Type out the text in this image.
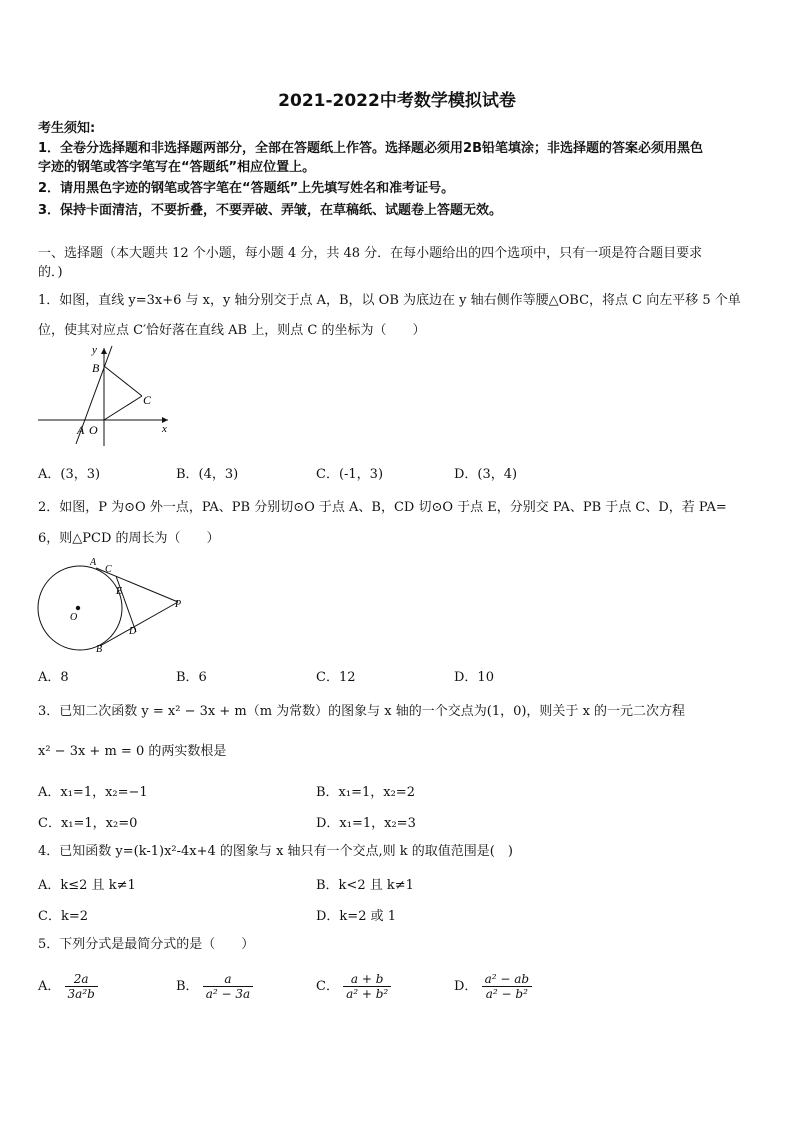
2021-2022中考数学模拟试卷
考生须知:
1．全卷分选择题和非选择题两部分，全部在答题纸上作答。选择题必须用2B铅笔填涂；非选择题的答案必须用黑色
字迹的钢笔或答字笔写在“答题纸”相应位置上。
2．请用黑色字迹的钢笔或答字笔在“答题纸”上先填写姓名和准考证号。
3．保持卡面清洁，不要折叠，不要弄破、弄皱，在草稿纸、试题卷上答题无效。
一、选择题（本大题共 12 个小题，每小题 4 分，共 48 分．在每小题给出的四个选项中，只有一项是符合题目要求
的．)
1．如图，直线 y=3x+6 与 x，y 轴分别交于点 A，B，以 OB 为底边在 y 轴右侧作等腰△OBC，将点 C 向左平移 5 个单
位，使其对应点 C′恰好落在直线 AB 上，则点 C 的坐标为（　　）
y
x
B
C
A O
A．(3，3)	B．(4，3)	C．(-1，3)	D．(3，4)
2．如图，P 为⊙O 外一点，PA、PB 分别切⊙O 于点 A、B，CD 切⊙O 于点 E，分别交 PA、PB 于点 C、D，若 PA=
6，则△PCD 的周长为（　　）
A
C
E
O
P
D
B
A．8	B．6	C．12	D．10
3．已知二次函数 y = x² − 3x + m（m 为常数）的图象与 x 轴的一个交点为(1，0)，则关于 x 的一元二次方程
x² − 3x + m = 0 的两实数根是
A．x₁=1，x₂=−1	B．x₁=1，x₂=2
C．x₁=1，x₂=0	D．x₁=1，x₂=3
4．已知函数 y=(k-1)x²-4x+4 的图象与 x 轴只有一个交点,则 k 的取值范围是(　)
A．k≤2 且 k≠1	B．k<2 且 k≠1
C．k=2	D．k=2 或 1
5．下列分式是最简分式的是（　　）
A． $\frac{2a}{\text{3a²b}}$	B． $\frac{a}{\text{a² − 3a}}$	C． $\frac{a + b}{\text{a² + b²}}$	D． $\frac{\text{a² − ab}}{\text{a² − b²}}$
